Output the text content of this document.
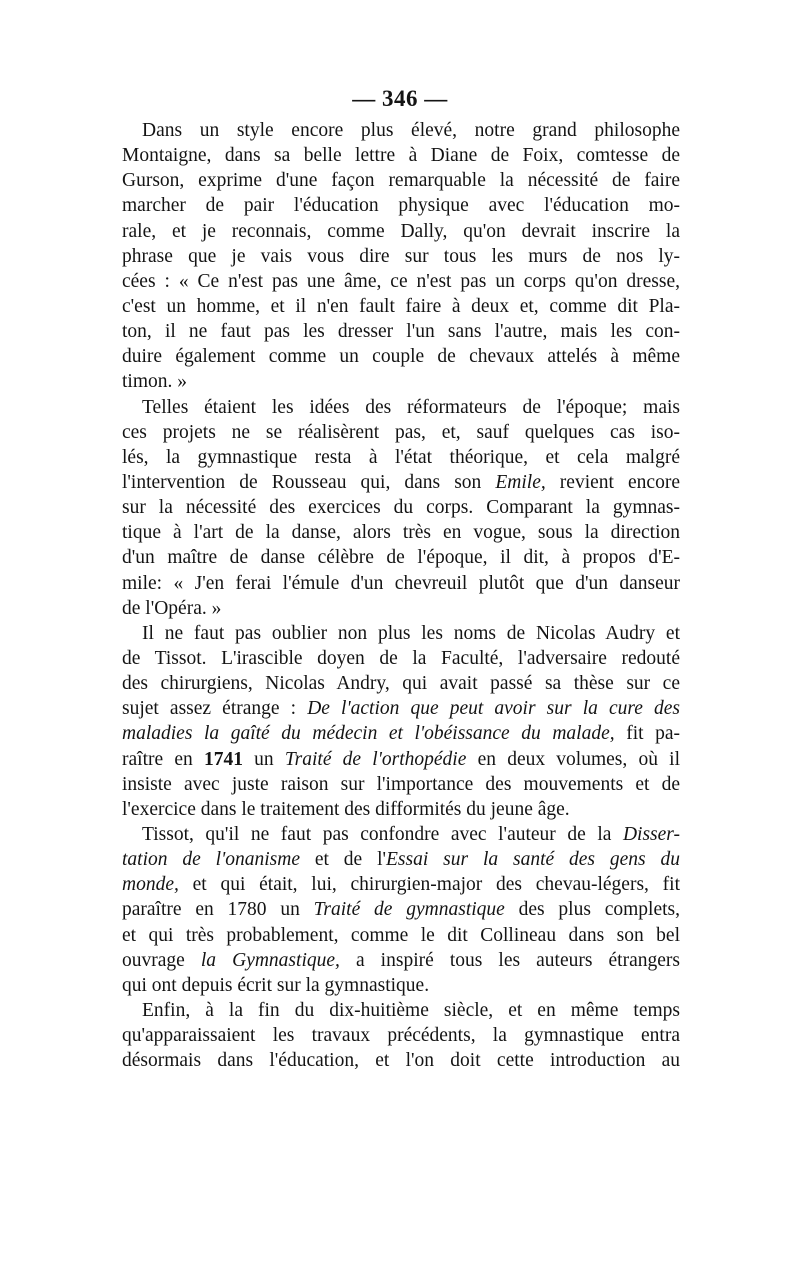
— 346 —
Dans un style encore plus élevé, notre grand philosophe
Montaigne, dans sa belle lettre à Diane de Foix, comtesse de
Gurson, exprime d'une façon remarquable la nécessité de faire
marcher de pair l'éducation physique avec l'éducation mo-
rale, et je reconnais, comme Dally, qu'on devrait inscrire la
phrase que je vais vous dire sur tous les murs de nos ly-
cées : « Ce n'est pas une âme, ce n'est pas un corps qu'on dresse,
c'est un homme, et il n'en fault faire à deux et, comme dit Pla-
ton, il ne faut pas les dresser l'un sans l'autre, mais les con-
duire également comme un couple de chevaux attelés à même
timon. »
Telles étaient les idées des réformateurs de l'époque; mais
ces projets ne se réalisèrent pas, et, sauf quelques cas iso-
lés, la gymnastique resta à l'état théorique, et cela malgré
l'intervention de Rousseau qui, dans son Emile, revient encore
sur la nécessité des exercices du corps. Comparant la gymnas-
tique à l'art de la danse, alors très en vogue, sous la direction
d'un maître de danse célèbre de l'époque, il dit, à propos d'E-
mile: « J'en ferai l'émule d'un chevreuil plutôt que d'un danseur
de l'Opéra. »
Il ne faut pas oublier non plus les noms de Nicolas Audry et
de Tissot. L'irascible doyen de la Faculté, l'adversaire redouté
des chirurgiens, Nicolas Andry, qui avait passé sa thèse sur ce
sujet assez étrange : De l'action que peut avoir sur la cure des
maladies la gaîté du médecin et l'obéissance du malade, fit pa-
raître en 1741 un Traité de l'orthopédie en deux volumes, où il
insiste avec juste raison sur l'importance des mouvements et de
l'exercice dans le traitement des difformités du jeune âge.
Tissot, qu'il ne faut pas confondre avec l'auteur de la Disser-
tation de l'onanisme et de l'Essai sur la santé des gens du
monde, et qui était, lui, chirurgien-major des chevau-légers, fit
paraître en 1780 un Traité de gymnastique des plus complets,
et qui très probablement, comme le dit Collineau dans son bel
ouvrage la Gymnastique, a inspiré tous les auteurs étrangers
qui ont depuis écrit sur la gymnastique.
Enfin, à la fin du dix-huitième siècle, et en même temps
qu'apparaissaient les travaux précédents, la gymnastique entra
désormais dans l'éducation, et l'on doit cette introduction au
